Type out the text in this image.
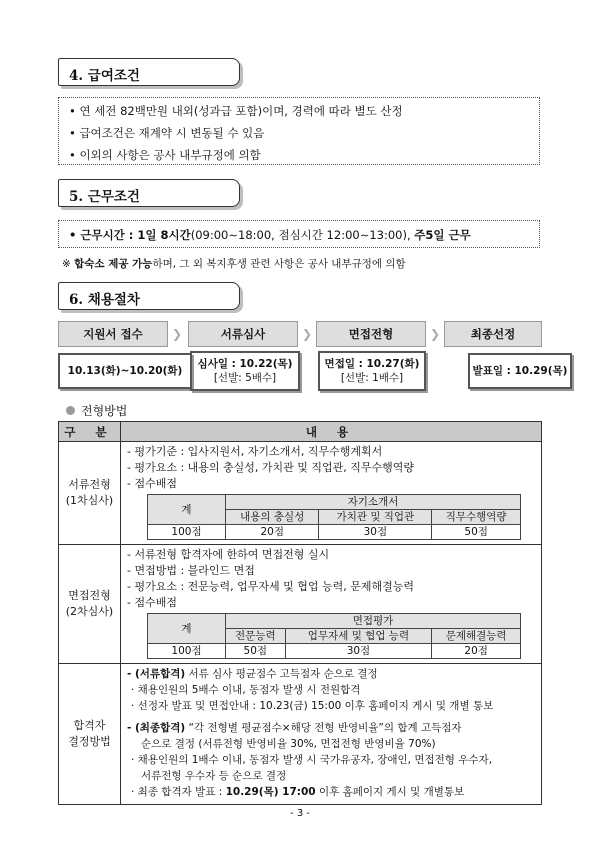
4. 급여조건
• 연 세전 82백만원 내외(성과급 포함)이며, 경력에 따라 별도 산정
• 급여조건은 재계약 시 변동될 수 있음
• 이외의 사항은 공사 내부규정에 의함
5. 근무조건
• 근무시간 : 1일 8시간(09:00∼18:00, 점심시간 12:00∼13:00), 주5일 근무
※ 합숙소 제공 가능하며, 그 외 복지후생 관련 사항은 공사 내부규정에 의함
6. 채용절차
지원서 접수	❯	서류심사	❯	면접전형	❯	최종선정
10.13(화)~10.20(화)
심사일 : 10.22(목)
[선발: 5배수]
면접일 : 10.27(화)
[선발: 1배수]
발표일 : 10.29(목)
전형방법
구 분	내 용

서류전형
(1차심사)

- 평가기준 : 입사지원서, 자기소개서, 직무수행계획서
- 평가요소 : 내용의 충실성, 가치관 및 직업관, 직무수행역량
- 점수배점
계	자기소개서
내용의 충실성	가치관 및 직업관	직무수행역량
100점	20점	30점	50점

면접전형
(2차심사)

- 서류전형 합격자에 한하여 면접전형 실시
- 면접방법 : 블라인드 면접
- 평가요소 : 전문능력, 업무자세 및 협업 능력, 문제해결능력
- 점수배점
계	면접평가
전문능력	업무자세 및 협업 능력	문제해결능력
100점	50점	30점	20점

합격자
결정방법

- (서류합격) 서류 심사 평균점수 고득점자 순으로 결정
· 채용인원의 5배수 이내, 동점자 발생 시 전원합격
· 선정자 발표 및 면접안내 : 10.23(금) 15:00 이후 홈페이지 게시 및 개별 통보
- (최종합격) “각 전형별 평균점수×해당 전형 반영비율”의 합계 고득점자
순으로 결정 (서류전형 반영비율 30%, 면접전형 반영비율 70%)
· 채용인원의 1배수 이내, 동점자 발생 시 국가유공자, 장애인, 면접전형 우수자,
서류전형 우수자 등 순으로 결정
· 최종 합격자 발표 : 10.29(목) 17:00 이후 홈페이지 게시 및 개별통보
- 3 -
